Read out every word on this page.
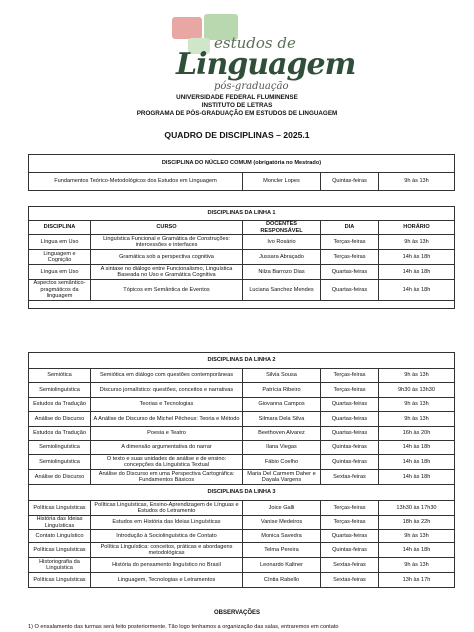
estudos de
Linguagem
pós-graduação
UNIVERSIDADE FEDERAL FLUMINENSE
INSTITUTO DE LETRAS
PROGRAMA DE PÓS-GRADUAÇÃO EM ESTUDOS DE LINGUAGEM
QUADRO DE DISCIPLINAS – 2025.1
DISCIPLINA DO NÚCLEO COMUM (obrigatória no Mestrado)				
Fundamentos Teórico-Metodológicos dos Estudos em Linguagem		Moncler Lopes	Quintas-feiras	9h às 13h

DISCIPLINAS DA LINHA 1				
DISCIPLINA	CURSO	DOCENTES RESPONSÁVEL	DIA	HORÁRIO
Língua em Uso	Linguística Funcional e Gramática de Construções: intercessões e interfaces	Ivo Rosário	Terças-feiras	9h às 13h
Linguagem e Cognição	Gramática sob a perspectiva cognitiva	Jussara Abraçado	Terças-feiras	14h às 18h
Língua em Uso	A sintaxe no diálogo entre Funcionalismo, Linguística Baseada no Uso e Gramática Cognitiva	Nilza Barrozo Dias	Quartas-feiras	14h às 18h
Aspectos semântico-pragmáticos da linguagem	Tópicos em Semântica de Eventos	Luciana Sanchez Mendes	Quartas-feiras	14h às 18h

DISCIPLINAS DA LINHA 2				
Semiótica	Semiótica em diálogo com questões contemporâneas	Silvia Sousa	Terças-feiras	9h às 13h
Semiolinguística	Discurso jornalístico: questões, conceitos e narrativas	Patrícia Ribeiro	Terças-feiras	9h30 às 13h30
Estudos da Tradução	Teorias e Tecnologias	Giovanna Campos	Quartas-feiras	9h às 13h
Análise do Discurso	A Análise de Discurso de Michel Pêcheux: Teoria e Método	Silmara Dela Silva	Quartas-feiras	9h às 13h
Estudos da Tradução	Poesia e Teatro	Beethoven Alvarez	Quartas-feiras	16h às 20h
Semiolinguística	A dimensão argumentativa do narrar	Ilana Viegas	Quintas-feiras	14h às 18h
Semiolinguística	O texto e suas unidades de análise e de ensino: concepções da Linguística Textual	Fábio Coelho	Quintas-feiras	14h às 18h
Análise do Discurso	Análise do Discurso em uma Perspectiva Cartográfica: Fundamentos Básicos	Maria Del Carmem Daher e Dayala Vargens	Sextas-feiras	14h às 18h
DISCIPLINAS DA LINHA 3				
Políticas Linguísticas	Políticas Linguísticas, Ensino-Aprendizagem de Línguas e Estudos do Letramento	Joice Galli	Terças-feiras	13h30 às 17h30
História das Ideias Linguísticas	Estudos em História das Ideias Linguísticas	Vanise Medeiros	Terças-feiras	18h às 22h
Contato Linguístico	Introdução à Sociolinguística de Contato	Monica Savedra	Quartas-feiras	9h às 13h
Políticas Linguísticas	Política Linguística: conceitos, práticas e abordagens metodológicas	Telma Pereira	Quintas-feiras	14h às 18h
Historiografia da Linguística	História do pensamento linguístico no Brasil	Leonardo Kaltner	Sextas-feiras	9h às 13h
Políticas Linguísticas	Linguagem, Tecnologias e Letramentos	Cíntia Rabello	Sextas-feiras	13h às 17h
OBSERVAÇÕES
1) O ensalamento das turmas será feito posteriormente. Tão logo tenhamos a organização das salas, entraremos em contato
